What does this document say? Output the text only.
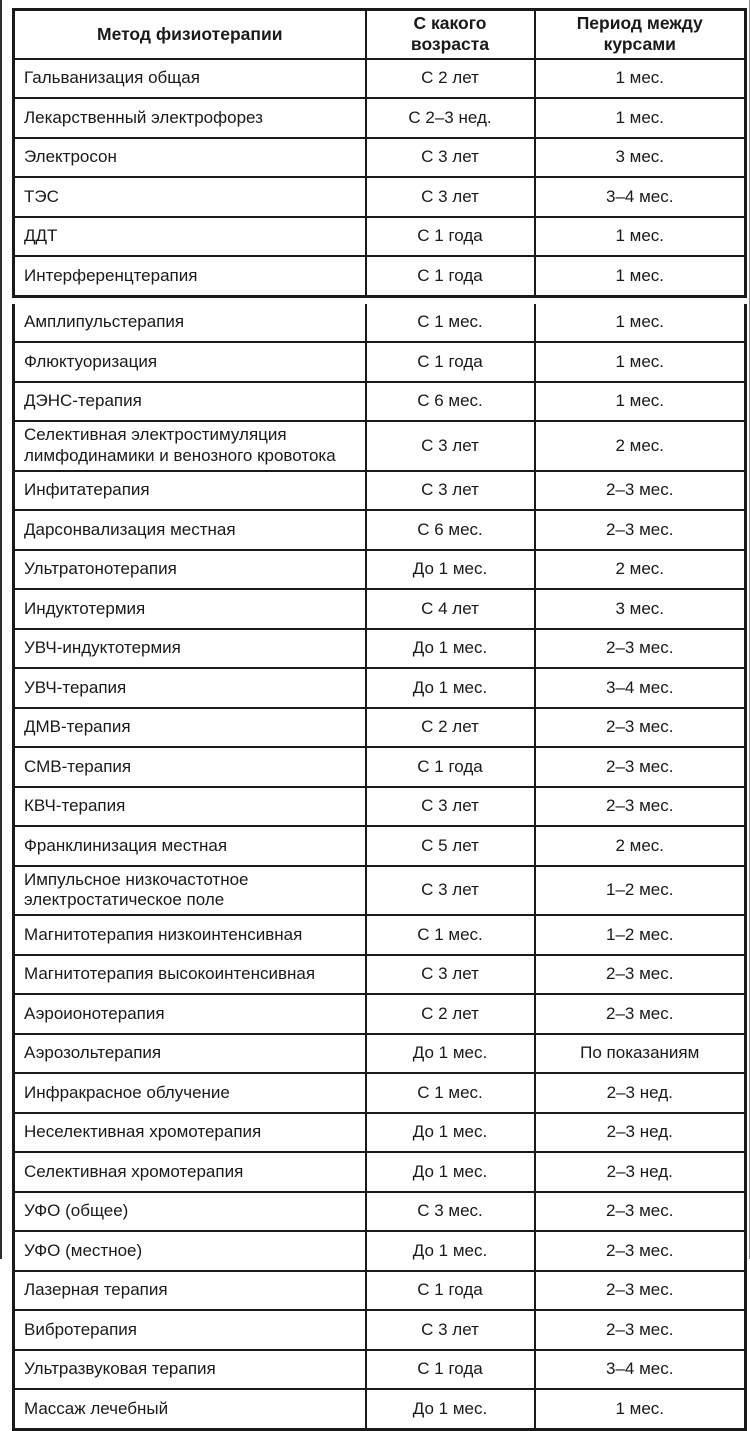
Метод физиотерапии	С какого возраста	Период между курсами
Гальванизация общая	С 2 лет	1 мес.
Лекарственный электрофорез	С 2–3 нед.	1 мес.
Электросон	С 3 лет	3 мес.
ТЭС	С 3 лет	3–4 мес.
ДДТ	С 1 года	1 мес.
Интерференцтерапия	С 1 года	1 мес.
Амплипульстерапия	С 1 мес.	1 мес.
Флюктуоризация	С 1 года	1 мес.
ДЭНС-терапия	С 6 мес.	1 мес.
Селективная электростимуляция лимфодинамики и венозного кровотока	С 3 лет	2 мес.
Инфитатерапия	С 3 лет	2–3 мес.
Дарсонвализация местная	С 6 мес.	2–3 мес.
Ультратонотерапия	До 1 мес.	2 мес.
Индуктотермия	С 4 лет	3 мес.
УВЧ-индуктотермия	До 1 мес.	2–3 мес.
УВЧ-терапия	До 1 мес.	3–4 мес.
ДМВ-терапия	С 2 лет	2–3 мес.
СМВ-терапия	С 1 года	2–3 мес.
КВЧ-терапия	С 3 лет	2–3 мес.
Франклинизация местная	С 5 лет	2 мес.
Импульсное низкочастотное электростатическое поле	С 3 лет	1–2 мес.
Магнитотерапия низкоинтенсивная	С 1 мес.	1–2 мес.
Магнитотерапия высокоинтенсивная	С 3 лет	2–3 мес.
Аэроионотерапия	С 2 лет	2–3 мес.
Аэрозольтерапия	До 1 мес.	По показаниям
Инфракрасное облучение	С 1 мес.	2–3 нед.
Неселективная хромотерапия	До 1 мес.	2–3 нед.
Селективная хромотерапия	До 1 мес.	2–3 нед.
УФО (общее)	С 3 мес.	2–3 мес.
УФО (местное)	До 1 мес.	2–3 мес.
Лазерная терапия	С 1 года	2–3 мес.
Вибротерапия	С 3 лет	2–3 мес.
Ультразвуковая терапия	С 1 года	3–4 мес.
Массаж лечебный	До 1 мес.	1 мес.
